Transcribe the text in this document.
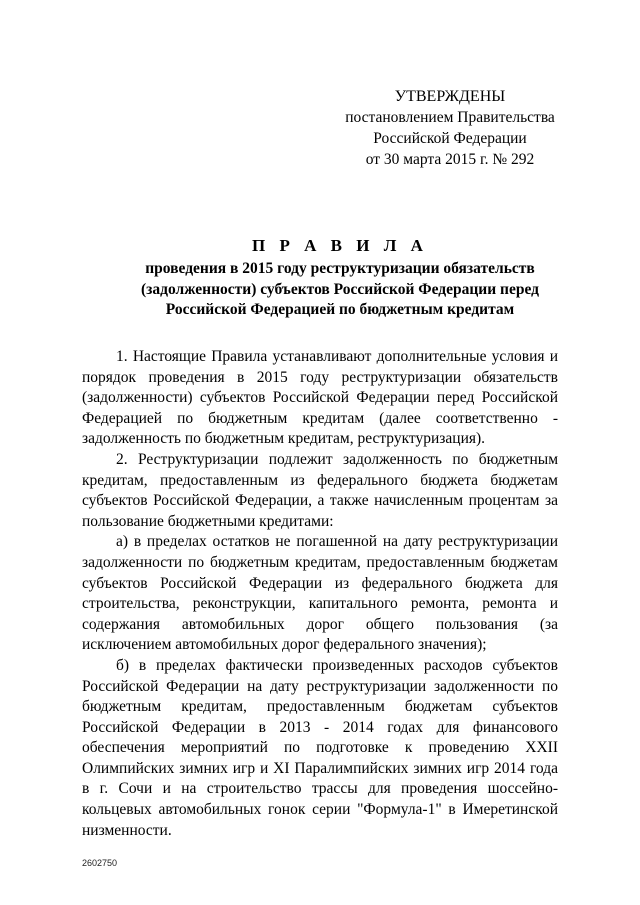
УТВЕРЖДЕНЫ
постановлением Правительства
Российской Федерации
от 30 марта 2015 г. № 292
П Р А В И Л А
проведения в 2015 году реструктуризации обязательств
(задолженности) субъектов Российской Федерации перед
Российской Федерацией по бюджетным кредитам

1. Настоящие Правила устанавливают дополнительные условия и порядок проведения в 2015 году реструктуризации обязательств (задолженности) субъектов Российской Федерации перед Российской Федерацией по бюджетным кредитам (далее соответственно - задолженность по бюджетным кредитам, реструктуризация).

2. Реструктуризации подлежит задолженность по бюджетным кредитам, предоставленным из федерального бюджета бюджетам субъектов Российской Федерации, а также начисленным процентам за пользование бюджетными кредитами:

а) в пределах остатков не погашенной на дату реструктуризации задолженности по бюджетным кредитам, предоставленным бюджетам субъектов Российской Федерации из федерального бюджета для строительства, реконструкции, капитального ремонта, ремонта и содержания автомобильных дорог общего пользования (за исключением автомобильных дорог федерального значения);

б) в пределах фактически произведенных расходов субъектов Российской Федерации на дату реструктуризации задолженности по бюджетным кредитам, предоставленным бюджетам субъектов Российской Федерации в 2013 - 2014 годах для финансового обеспечения мероприятий по подготовке к проведению XXII Олимпийских зимних игр и XI Паралимпийских зимних игр 2014 года в г. Сочи и на строительство трассы для проведения шоссейно-кольцевых автомобильных гонок серии "Формула-1" в Имеретинской низменности.

2602750
